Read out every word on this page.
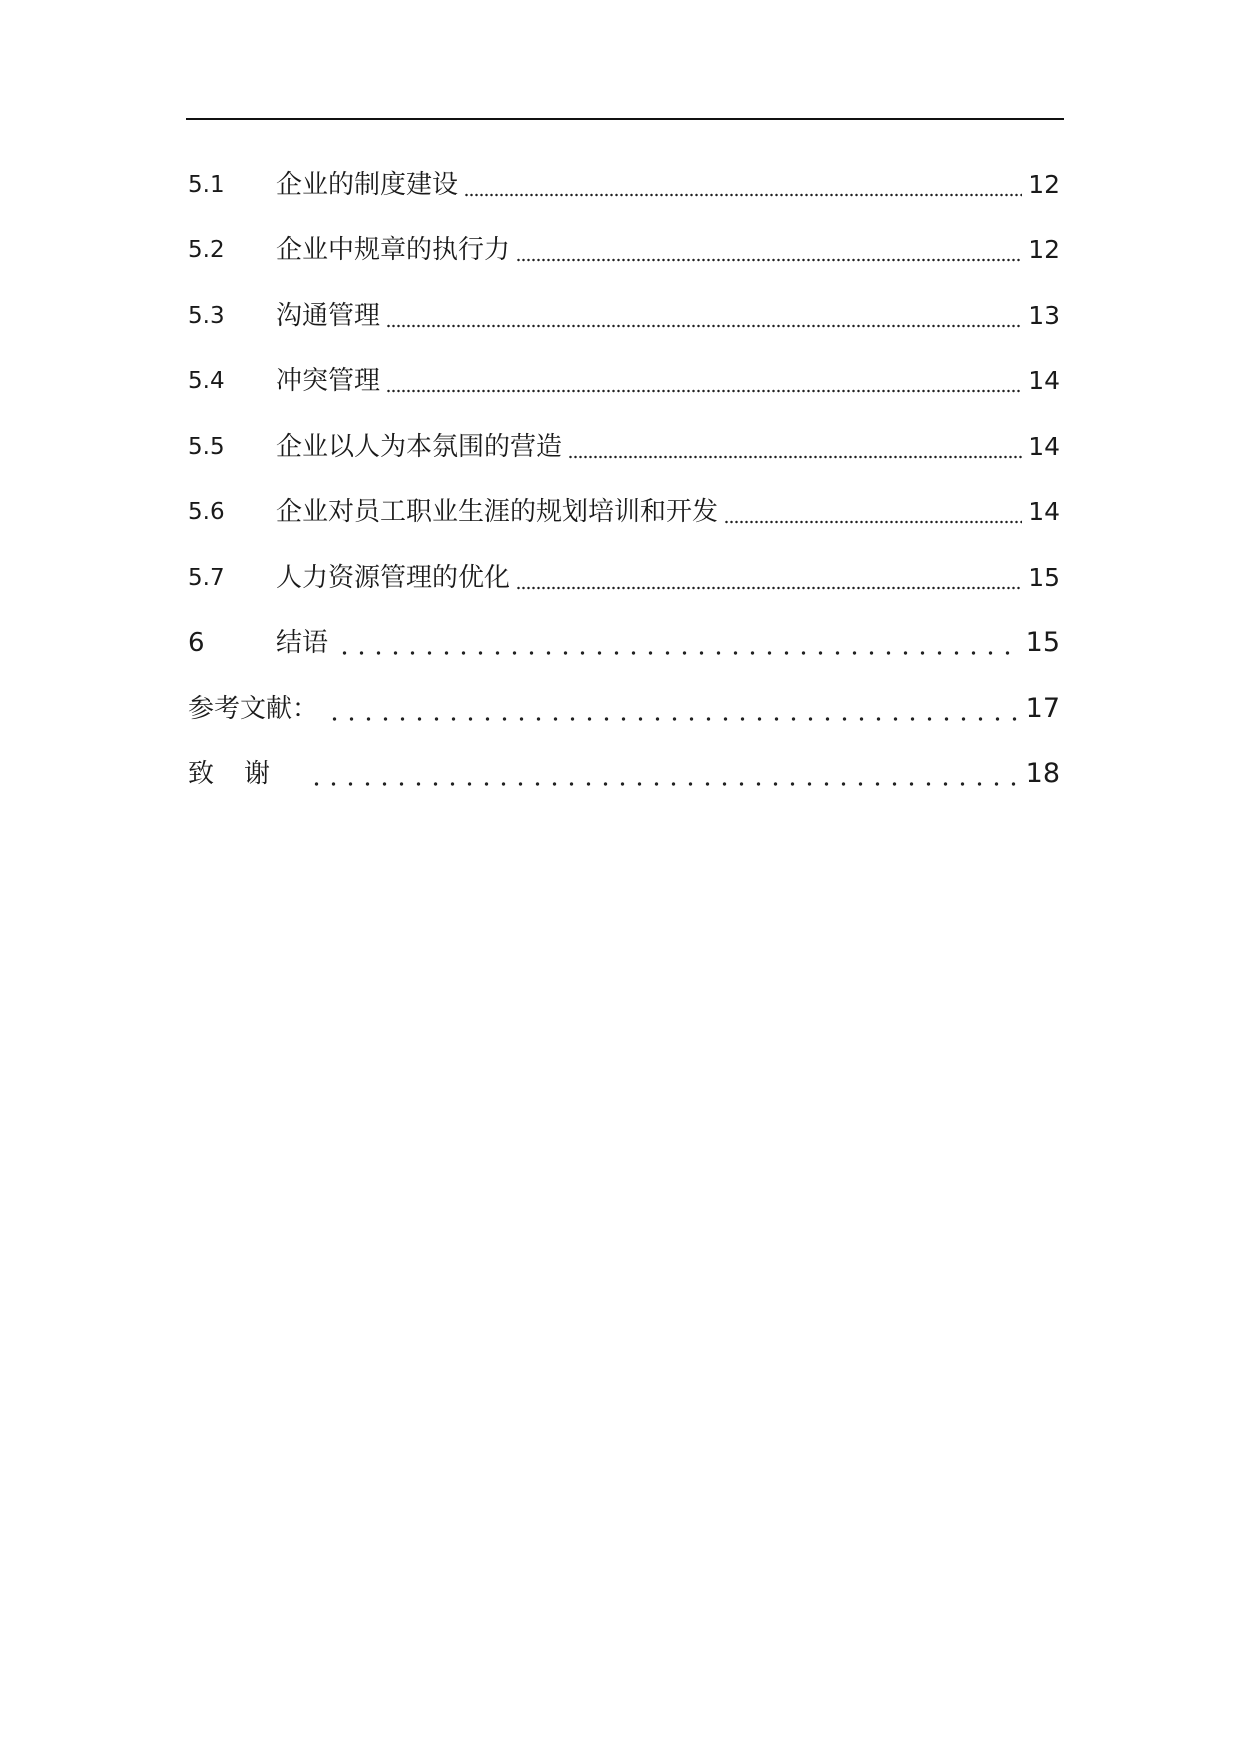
5.1	企业的制度建设	12
5.2	企业中规章的执行力	12
5.3	沟通管理	13
5.4	冲突管理	14
5.5	企业以人为本氛围的营造	14
5.6	企业对员工职业生涯的规划培训和开发	14
5.7	人力资源管理的优化	15
6	结语	15
参考文献：	17
致谢	18
